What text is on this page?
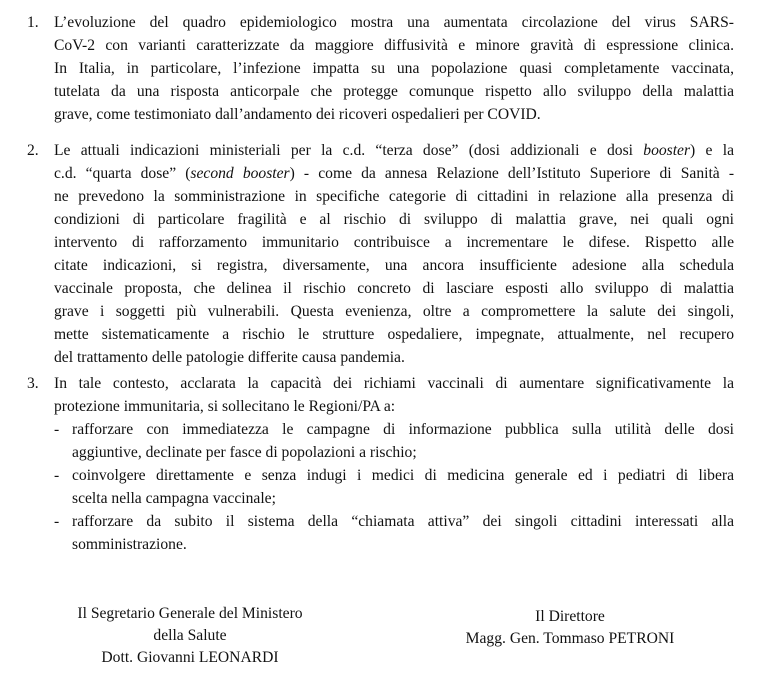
1. L’evoluzione del quadro epidemiologico mostra una aumentata circolazione del virus SARS-
CoV-2 con varianti caratterizzate da maggiore diffusività e minore gravità di espressione clinica.
In Italia, in particolare, l’infezione impatta su una popolazione quasi completamente vaccinata,
tutelata da una risposta anticorpale che protegge comunque rispetto allo sviluppo della malattia
grave, come testimoniato dall’andamento dei ricoveri ospedalieri per COVID.
2. Le attuali indicazioni ministeriali per la c.d. “terza dose” (dosi addizionali e dosi booster) e la
c.d. “quarta dose” (second booster) - come da annesa Relazione dell’Istituto Superiore di Sanità -
ne prevedono la somministrazione in specifiche categorie di cittadini in relazione alla presenza di
condizioni di particolare fragilità e al rischio di sviluppo di malattia grave, nei quali ogni
intervento di rafforzamento immunitario contribuisce a incrementare le difese. Rispetto alle
citate indicazioni, si registra, diversamente, una ancora insufficiente adesione alla schedula
vaccinale proposta, che delinea il rischio concreto di lasciare esposti allo sviluppo di malattia
grave i soggetti più vulnerabili. Questa evenienza, oltre a compromettere la salute dei singoli,
mette sistematicamente a rischio le strutture ospedaliere, impegnate, attualmente, nel recupero
del trattamento delle patologie differite causa pandemia.
3. In tale contesto, acclarata la capacità dei richiami vaccinali di aumentare significativamente la
protezione immunitaria, si sollecitano le Regioni/PA a:
- rafforzare con immediatezza le campagne di informazione pubblica sulla utilità delle dosi
aggiuntive, declinate per fasce di popolazioni a rischio;
- coinvolgere direttamente e senza indugi i medici di medicina generale ed i pediatri di libera
scelta nella campagna vaccinale;
- rafforzare da subito il sistema della “chiamata attiva” dei singoli cittadini interessati alla
somministrazione.
Il Segretario Generale del Ministero
della Salute
Dott. Giovanni LEONARDI
Il Direttore
Magg. Gen. Tommaso PETRONI
